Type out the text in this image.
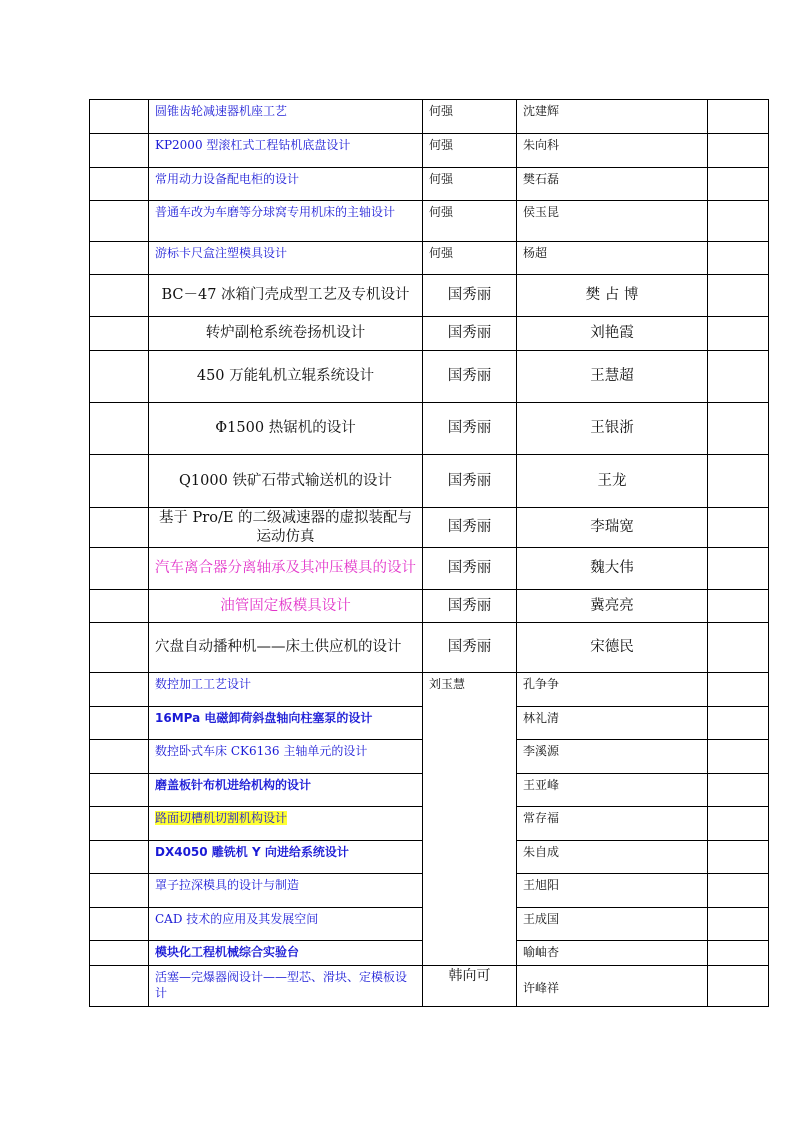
	圆锥齿轮减速器机座工艺	何强	沈建辉	
	KP2000 型滚杠式工程钻机底盘设计	何强	朱向科	
	常用动力设备配电柜的设计	何强	樊石磊	
	普通车改为车磨等分球窝专用机床的主轴设计	何强	侯玉昆	
	游标卡尺盒注塑模具设计	何强	杨超	
	BC－47 冰箱门壳成型工艺及专机设计	国秀丽	樊 占 博	
	转炉副枪系统卷扬机设计	国秀丽	刘艳霞	
	450 万能轧机立辊系统设计	国秀丽	王慧超	
	Φ1500 热锯机的设计	国秀丽	王银浙	
	Q1000 铁矿石带式输送机的设计	国秀丽	王龙	
	基于 Pro/E 的二级减速器的虚拟装配与运动仿真	国秀丽	李瑞宽	
	汽车离合器分离轴承及其冲压模具的设计	国秀丽	魏大伟	
	油管固定板模具设计	国秀丽	冀亮亮	
	穴盘自动播种机——床土供应机的设计	国秀丽	宋德民	
	数控加工工艺设计	刘玉慧	孔争争	
	16MPa 电磁卸荷斜盘轴向柱塞泵的设计		林礼清	
	数控卧式车床 CK6136 主轴单元的设计		李溪源	
	磨盖板针布机进给机构的设计		王亚峰	
	路面切槽机切割机构设计		常存福	
	DX4050 雕铣机 Y 向进给系统设计		朱自成	
	罩子拉深模具的设计与制造		王旭阳	
	CAD 技术的应用及其发展空间		王成国	
	模块化工程机械综合实验台		喻岫杏	
	活塞—完爆器阀设计——型芯、滑块、定模板设计	韩向可	许峰祥	
